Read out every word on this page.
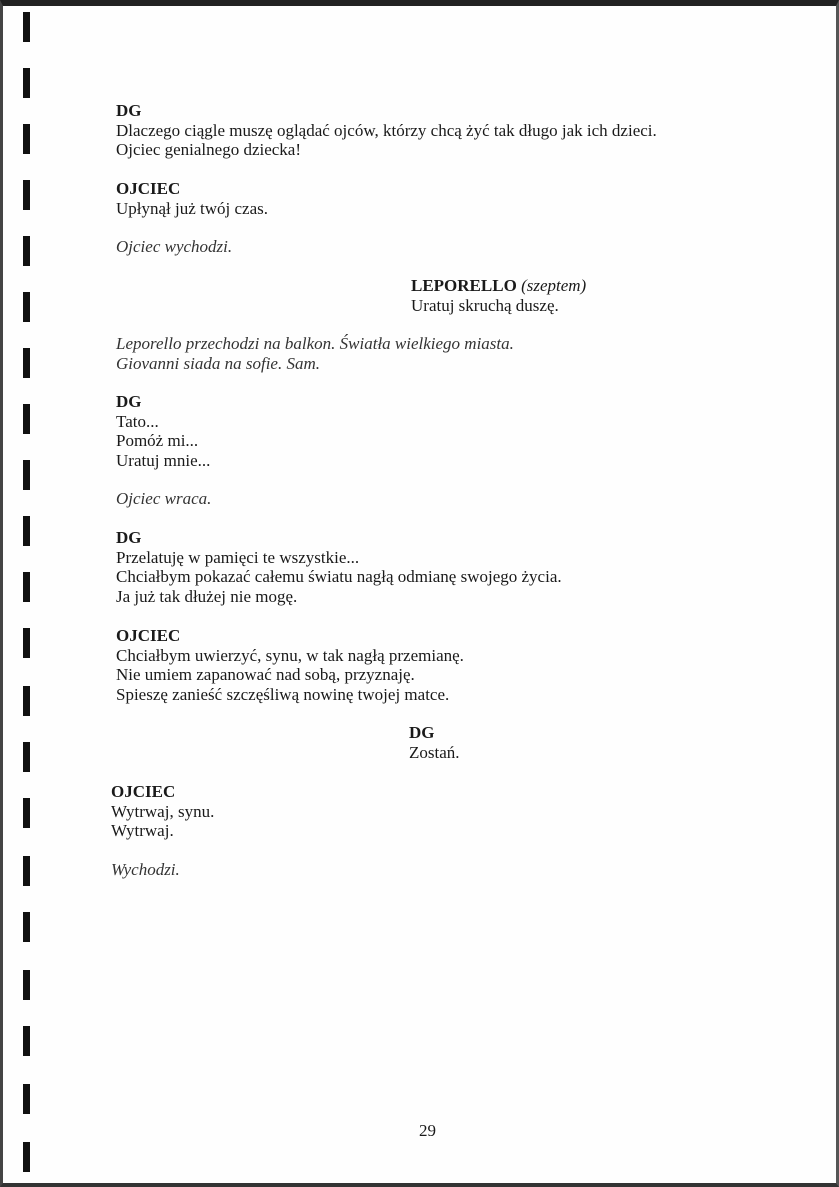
DG
Dlaczego ciągle muszę oglądać ojców, którzy chcą żyć tak długo jak ich dzieci.
Ojciec genialnego dziecka!
OJCIEC
Upłynął już twój czas.
Ojciec wychodzi.
LEPORELLO (szeptem)
Uratuj skruchą duszę.
Leporello przechodzi na balkon. Światła wielkiego miasta.
Giovanni siada na sofie. Sam.
DG
Tato...
Pomóż mi...
Uratuj mnie...
Ojciec wraca.
DG
Przelatuję w pamięci te wszystkie...
Chciałbym pokazać całemu światu nagłą odmianę swojego życia.
Ja już tak dłużej nie mogę.
OJCIEC
Chciałbym uwierzyć, synu, w tak nagłą przemianę.
Nie umiem zapanować nad sobą, przyznaję.
Spieszę zanieść szczęśliwą nowinę twojej matce.
DG
Zostań.
OJCIEC
Wytrwaj, synu.
Wytrwaj.
Wychodzi.
29
